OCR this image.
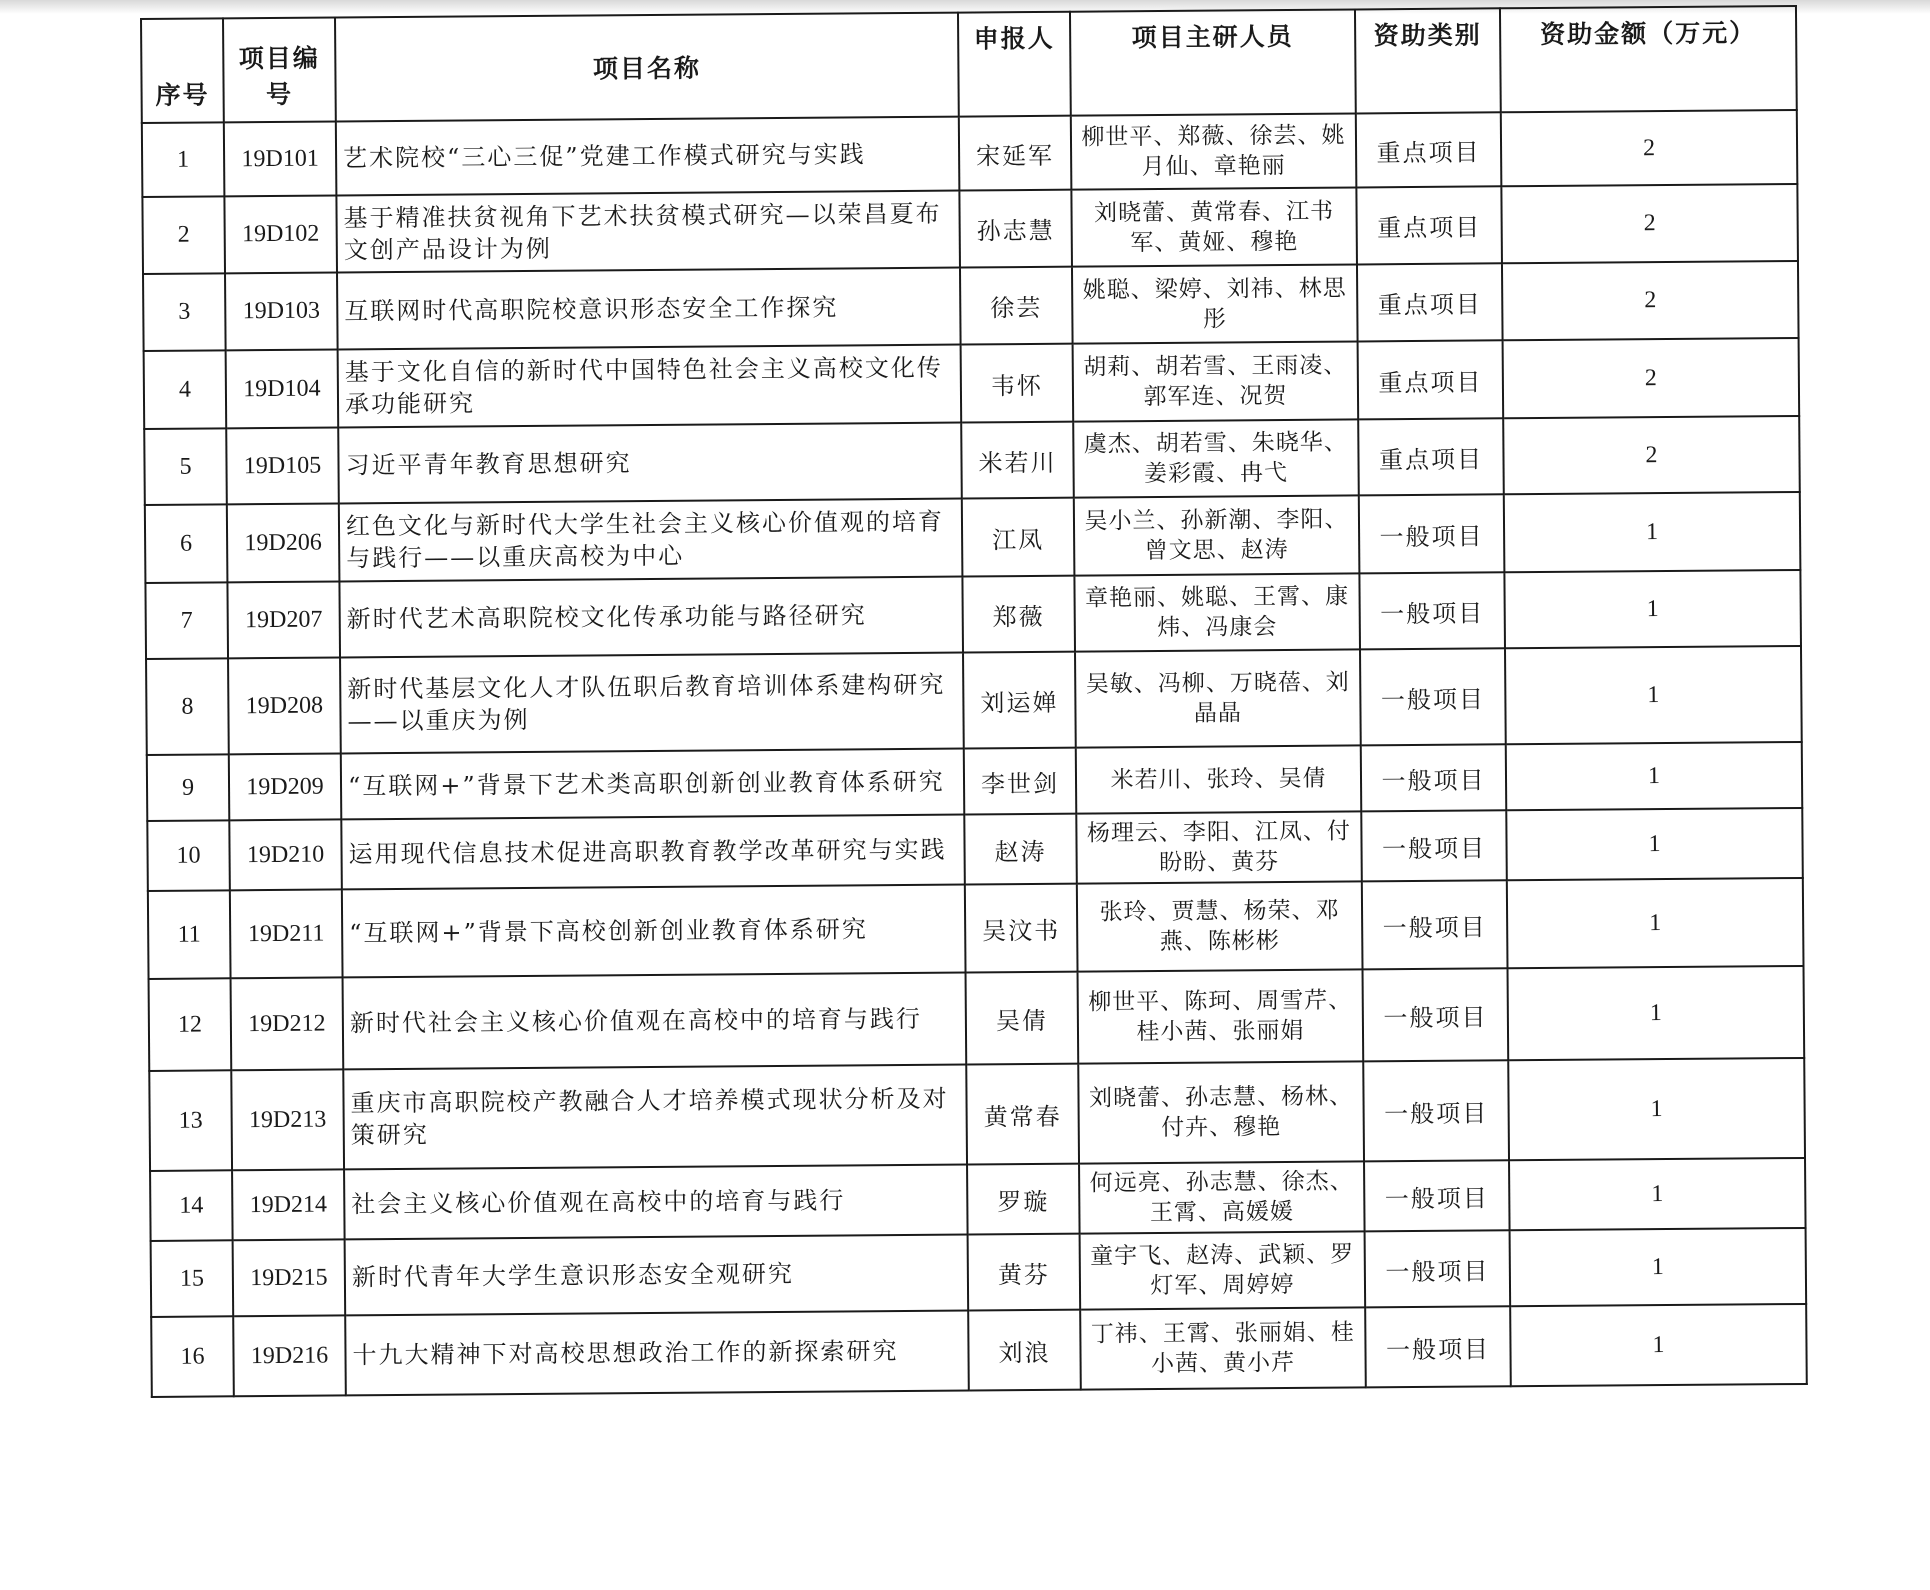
序号	项目编号	项目名称	申报人	项目主研人员	资助类别	资助金额（万元）
1	19D101	艺术院校“三心三促”党建工作模式研究与实践	宋延军	柳世平、郑薇、徐芸、姚月仙、章艳丽	重点项目	2
2	19D102	基于精准扶贫视角下艺术扶贫模式研究—以荣昌夏布文创产品设计为例	孙志慧	刘晓蕾、黄常春、江书军、黄娅、穆艳	重点项目	2
3	19D103	互联网时代高职院校意识形态安全工作探究	徐芸	姚聪、梁婷、刘祎、林思彤	重点项目	2
4	19D104	基于文化自信的新时代中国特色社会主义高校文化传承功能研究	韦怀	胡莉、胡若雪、王雨凌、郭军连、况贺	重点项目	2
5	19D105	习近平青年教育思想研究	米若川	虞杰、胡若雪、朱晓华、姜彩霞、冉弋	重点项目	2
6	19D206	红色文化与新时代大学生社会主义核心价值观的培育与践行——以重庆高校为中心	江凤	吴小兰、孙新潮、李阳、曾文思、赵涛	一般项目	1
7	19D207	新时代艺术高职院校文化传承功能与路径研究	郑薇	章艳丽、姚聪、王霄、康炜、冯康会	一般项目	1
8	19D208	新时代基层文化人才队伍职后教育培训体系建构研究——以重庆为例	刘运婵	吴敏、冯柳、万晓蓓、刘晶晶	一般项目	1
9	19D209	“互联网+”背景下艺术类高职创新创业教育体系研究	李世剑	米若川、张玲、吴倩	一般项目	1
10	19D210	运用现代信息技术促进高职教育教学改革研究与实践	赵涛	杨理云、李阳、江凤、付盼盼、黄芬	一般项目	1
11	19D211	“互联网+”背景下高校创新创业教育体系研究	吴汶书	张玲、贾慧、杨荣、邓燕、陈彬彬	一般项目	1
12	19D212	新时代社会主义核心价值观在高校中的培育与践行	吴倩	柳世平、陈珂、周雪芹、桂小茜、张丽娟	一般项目	1
13	19D213	重庆市高职院校产教融合人才培养模式现状分析及对策研究	黄常春	刘晓蕾、孙志慧、杨林、付卉、穆艳	一般项目	1
14	19D214	社会主义核心价值观在高校中的培育与践行	罗璇	何远亮、孙志慧、徐杰、王霄、高媛媛	一般项目	1
15	19D215	新时代青年大学生意识形态安全观研究	黄芬	童宇飞、赵涛、武颖、罗灯军、周婷婷	一般项目	1
16	19D216	十九大精神下对高校思想政治工作的新探索研究	刘浪	丁祎、王霄、张丽娟、桂小茜、黄小芹	一般项目	1
